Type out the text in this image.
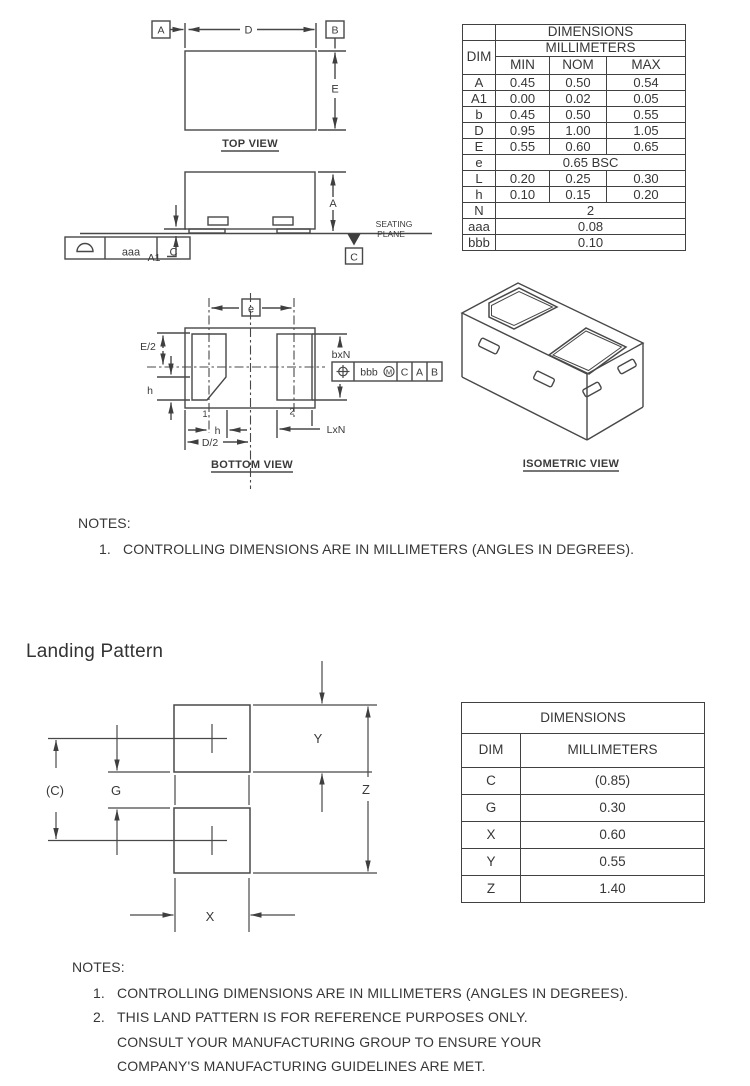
A	B
D
E
TOP VIEW
A
A1
aaa	C
SEATING
PLANE
C
e
E/2
h
1	2
h
D/2
LxN
bxN
bbb M C A B
BOTTOM VIEW	ISOMETRIC VIEW
	DIMENSIONS		
DIM	MILLIMETERS		
	MIN	NOM	MAX
A	0.45	0.50	0.54
A1	0.00	0.02	0.05
b	0.45	0.50	0.55
D	0.95	1.00	1.05
E	0.55	0.60	0.65
e	0.65 BSC		
L	0.20	0.25	0.30
h	0.10	0.15	0.20
N	2		
aaa	0.08		
bbb	0.10		
NOTES:
1. CONTROLLING DIMENSIONS ARE IN MILLIMETERS (ANGLES IN DEGREES).
Landing Pattern
(C)	G
X
Y
Z
DIMENSIONS	
DIM	MILLIMETERS
C	(0.85)
G	0.30
X	0.60
Y	0.55
Z	1.40
NOTES:
1. CONTROLLING DIMENSIONS ARE IN MILLIMETERS (ANGLES IN DEGREES).
2. THIS LAND PATTERN IS FOR REFERENCE PURPOSES ONLY.
CONSULT YOUR MANUFACTURING GROUP TO ENSURE YOUR
COMPANY'S MANUFACTURING GUIDELINES ARE MET.
